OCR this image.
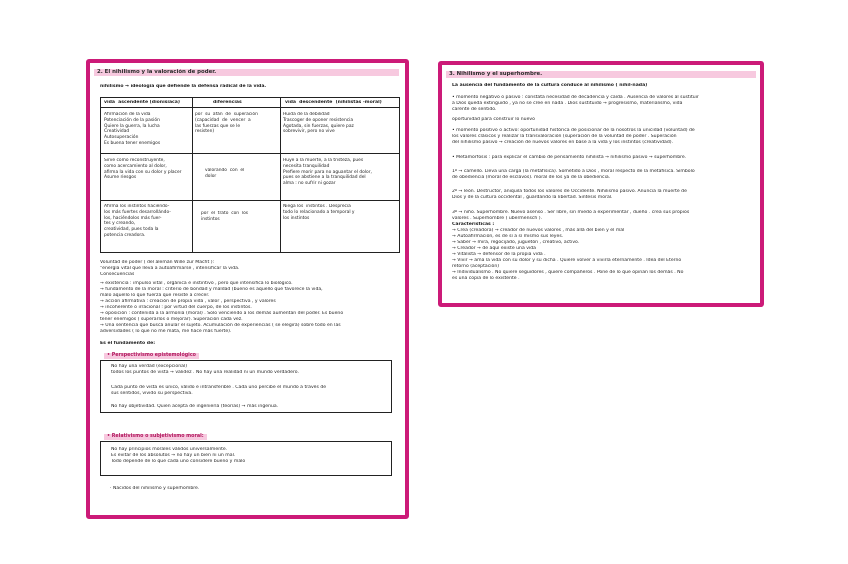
2. El nihilismo y la valoración de poder.
nihilismo → ideología que defiende la defensa radical de la vida.
vida  ascendente (dionisíaca)	diferencias	vida  descendente  (nihilistas -moral)
Afirmación de la vida
Potenciación de la pasión
Quiere la guerra, la lucha
Creatividad
Autosuperación
Es buena tener enemigos
por  su  afán  de  superación
(capacidad  de  vencer  a
las fuerzas que se le
resisten)
Huida de la debilidad
Trascoger de oponer resistencia
Agotada, sin fuerzas, quiere paz
sobrevivir, pero no vive
Sirve como reconstruyente,
como acercamiento al dolor,
afirma la vida con su dolor y placer
Asume riesgos
valorando  con  el
dolor
Huye a la muerte, a la tristeza, pues
necesita tranquilidad
Prefiere morir para no aguantar el dolor,
pues se abstiene a la tranquilidad del
alma : no sufrir ni gozar
Afirma los instintos haciéndo-
los más fuertes desarrollándo-
los, haciéndolos más fuer-
tes y creando,
creatividad, pues toda la
potencia creadora.
por  el  trato  con  los
instintos
Niega los  instintos . Desprecia
todo lo relacionado a temporal y
los instintos
Voluntad de poder ( del alemán Wille zur Macht ):
"energía vital que lleva a autoafirmarse , intensificar la vida.
Consecuencias
→ existencia : impulso vital , orgánica e instintivo , pero que intensifica lo biológico.
→ fundamento de la moral : criterio de bondad y maldad (bueno es aquello que favorece la vida,
malo aquello lo que fuerza que resiste a crecer.
→ acción afirmativa : creación de propia vida , valor , perspectiva , y valores
→ incoherente o irracional : por virtud del cuerpo, de los instintos.
→ oposición : contenida a la armonía (moral) . Solo venciendo a los demás aumentan del poder. Es bueno
tener enemigos ( superarlos o mejorar). Superación cada vez.
→ Una sentencia que busca anular el sujeto. Acumulación de experiencias ( se elegirá) sobre todo en las
adversidades ( lo que no me mata, me hace más fuerte).
Es el fundamento de:
• Perspectivismo epistemológico
No hay una verdad (excepcional)
todos los puntos de vista → validez . No hay una realidad ni un mundo verdadero.
Cada punto de vista es único, válido e intransferible . Cada uno percibe el mundo a través de
sus sentidos, vivido su perspectiva.
No hay objetividad. Quien acepta de ingeniería (teorías) → más ingenua.
• Relativismo o subjetivismo moral:
No hay principios morales válidos universalmente.
Es evitar de los absolutos → no hay un bien ni un mal.
Todo depende de lo que cada uno considere bueno y malo
· Nacidos del nihilismo y superhombre.
3. Nihilismo y el superhombre.
La ausencia del fundamento de la cultura conduce al nihilismo ( nihil-nada)
• momento negativo o pasivo : constata necesidad de decadencia y caída . Ausencia de valores al sustituir
a Dios queda extinguido , ya no se cree en nada . Dios sustituido → progresismo, materialismo, vida
carente de sentido.
oportunidad para construir lo nuevo
• momento positivo o activo: oportunidad histórica de posicionar de la nosotros la unicidad (voluntad) de
los valores clásicos y realizar la transvaloración (superación de la voluntad de poder . Superación
del nihilismo pasivo → creación de nuevos valores en base a la vida y los instintos (creatividad).
• Metamorfosis : para explicar el cambio de pensamiento nihilista → nihilismo pasivo → superhombre.
1º → camello. Lleva una carga (la metafísica). Sometido a Dios , moral respecto de la metafísica. Símbolo
de obediencia (moral de esclavos). moral de los ya de la obediencia.
2º → león. Destructor, aniquila todos los valores de Occidente. Nihilismo pasivo. Anuncia la muerte de
Dios y de la cultura occidental , guardando la libertad. Sintesis moral.
3º → niño. Superhombre. Nuevo asenso . Ser libre, sin miedo a experimentar , dueño . crea sus propios
valores . Superhombre ( übermensch ).
Características :
→ Crea (creadora) → creador de nuevos valores , más allá del bien y el mal
→ Autoafirmación, es de sí a sí mismo sus leyes.
→ Saber → mira, regocijado, juguetón , creativo, activo.
→ Creador → de aquí existe una vida
→ Vitalista → defensor de la propia vida .
→ Vivir → ama la vida con su dolor y su dicha . Quiere volver a vivirla eternamente . Idea del Eterno
retorno (aceptación)
→ Individualismo . No quiere seguidores , quiere compañeros . Pone de lo que opinan los demás . No
es una copia de lo existente .
